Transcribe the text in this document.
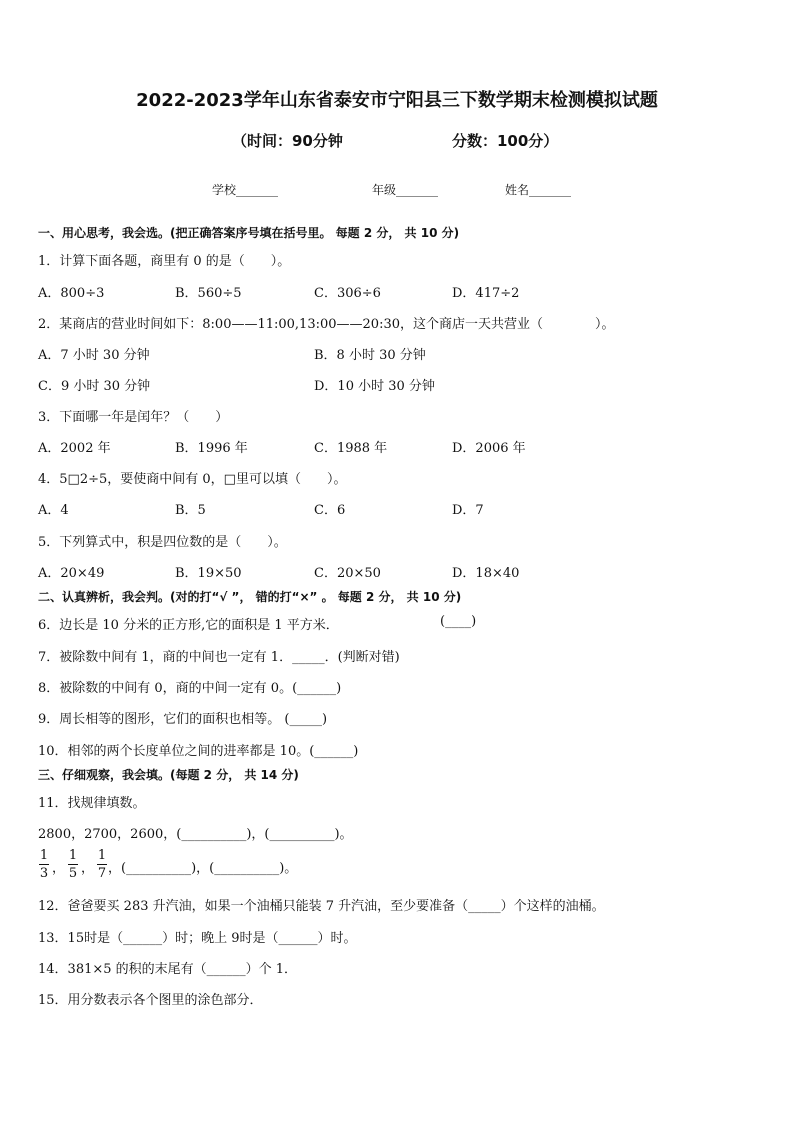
2022-2023学年山东省泰安市宁阳县三下数学期末检测模拟试题
（时间：90分钟	分数：100分）
学校_______	年级_______	姓名_______
一、用心思考，我会选。(把正确答案序号填在括号里。 每题 2 分， 共 10 分)
1．计算下面各题，商里有 0 的是（　　）。
A．800÷3	B．560÷5	C．306÷6	D．417÷2
2．某商店的营业时间如下：8:00——11:00,13:00——20:30，这个商店一天共营业（　　　　）。
A．7 小时 30 分钟	B．8 小时 30 分钟
C．9 小时 30 分钟	D．10 小时 30 分钟
3．下面哪一年是闰年？（　　）
A．2002 年	B．1996 年	C．1988 年	D．2006 年
4．5□2÷5，要使商中间有 0，□里可以填（　　）。
A．4	B．5	C．6	D．7
5．下列算式中，积是四位数的是（　　）。
A．20×49	B．19×50	C．20×50	D．18×40
二、认真辨析，我会判。(对的打“√ ”， 错的打“×” 。 每题 2 分， 共 10 分)
6．边长是 10 分米的正方形,它的面积是 1 平方米．	(____)
7．被除数中间有 1，商的中间也一定有 1．_____．(判断对错)
8．被除数的中间有 0，商的中间一定有 0。(______)
9．周长相等的图形，它们的面积也相等。 (_____)
10．相邻的两个长度单位之间的进率都是 10。(______)
三、仔细观察，我会填。(每题 2 分， 共 14 分)
11．找规律填数。
2800，2700，2600，(__________)，(__________)。
1
3 ，
1
5 ，
1
7 ，(__________)，(__________)。
12．爸爸要买 283 升汽油，如果一个油桶只能装 7 升汽油，至少要准备（_____）个这样的油桶。
13．15时是（______）时；晚上 9时是（______）时。
14．381×5 的积的末尾有（______）个 1．
15．用分数表示各个图里的涂色部分．
